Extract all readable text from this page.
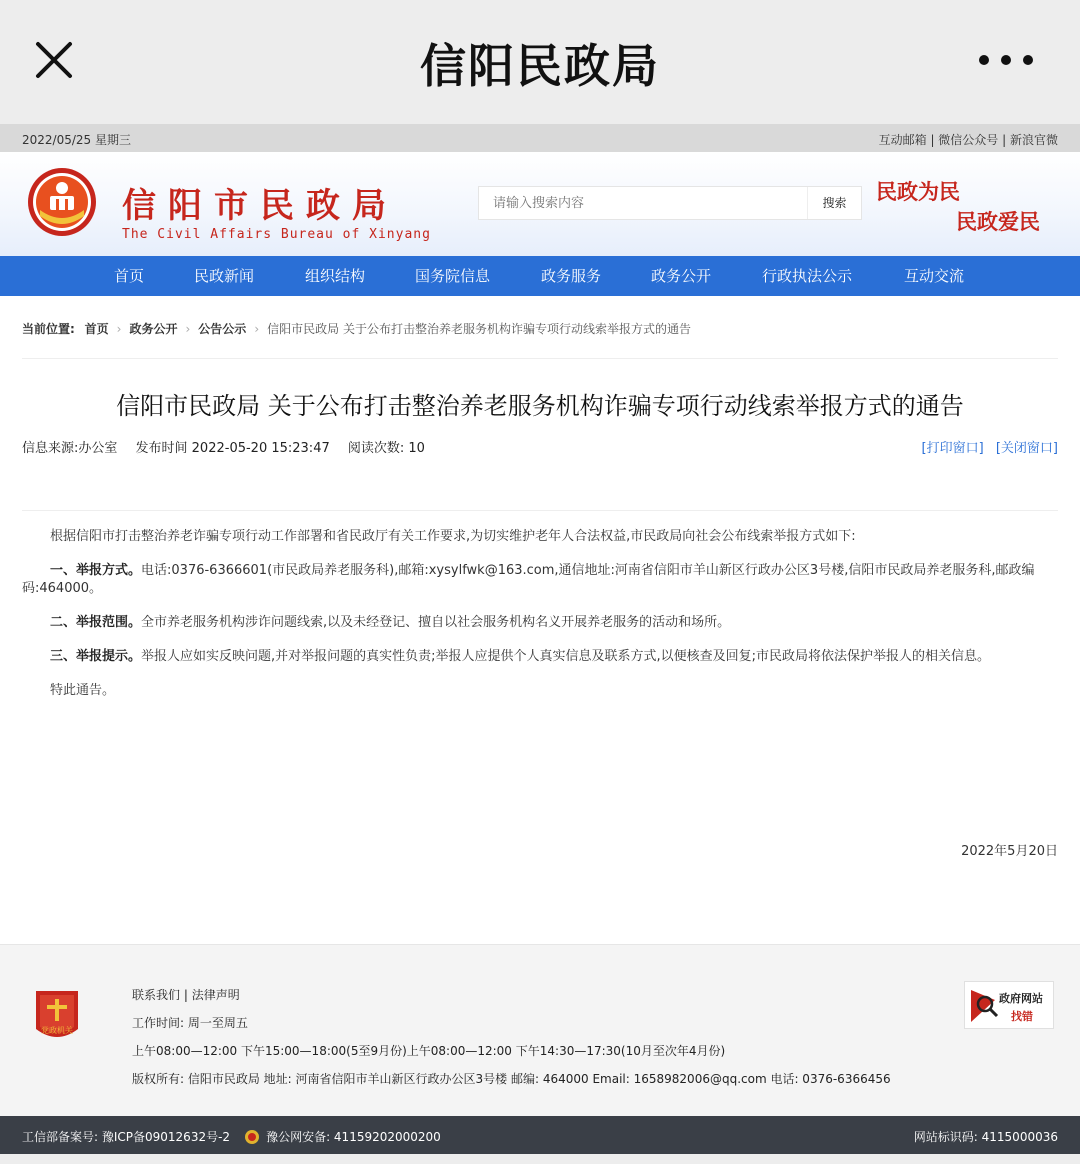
信阳民政局
2022/05/25 星期三	互动邮箱 | 微信公众号 | 新浪官微
信阳市民政局
The Civil Affairs Bureau of Xinyang
请输入搜索内容
搜索	民政为民
民政爱民
首页	民政新闻	组织结构	国务院信息	政务服务	政务公开	行政执法公示	互动交流
当前位置: 首页 › 政务公开 › 公告公示 › 信阳市民政局 关于公布打击整治养老服务机构诈骗专项行动线索举报方式的通告
信阳市民政局 关于公布打击整治养老服务机构诈骗专项行动线索举报方式的通告
信息来源:办公室 发布时间 2022-05-20 15:23:47 阅读次数: 10	[打印窗口] [关闭窗口]

根据信阳市打击整治养老诈骗专项行动工作部署和省民政厅有关工作要求,为切实维护老年人合法权益,市民政局向社会公布线索举报方式如下:

一、举报方式。电话:0376-6366601(市民政局养老服务科),邮箱:xysylfwk@163.com,通信地址:河南省信阳市羊山新区行政办公区3号楼,信阳市民政局养老服务科,邮政编码:464000。

二、举报范围。全市养老服务机构涉诈问题线索,以及未经登记、擅自以社会服务机构名义开展养老服务的活动和场所。

三、举报提示。举报人应如实反映问题,并对举报问题的真实性负责;举报人应提供个人真实信息及联系方式,以便核查及回复;市民政局将依法保护举报人的相关信息。

特此通告。

2022年5月20日
党政机关
联系我们 | 法律声明
工作时间: 周一至周五
上午08:00—12:00 下午15:00—18:00(5至9月份)上午08:00—12:00 下午14:30—17:30(10月至次年4月份)
版权所有: 信阳市民政局 地址: 河南省信阳市羊山新区行政办公区3号楼 邮编: 464000 Email: 1658982006@qq.com 电话: 0376-6366456
政府网站
找错
工信部备案号: 豫ICP备09012632号-2	豫公网安备: 41159202000200	网站标识码: 4115000036
